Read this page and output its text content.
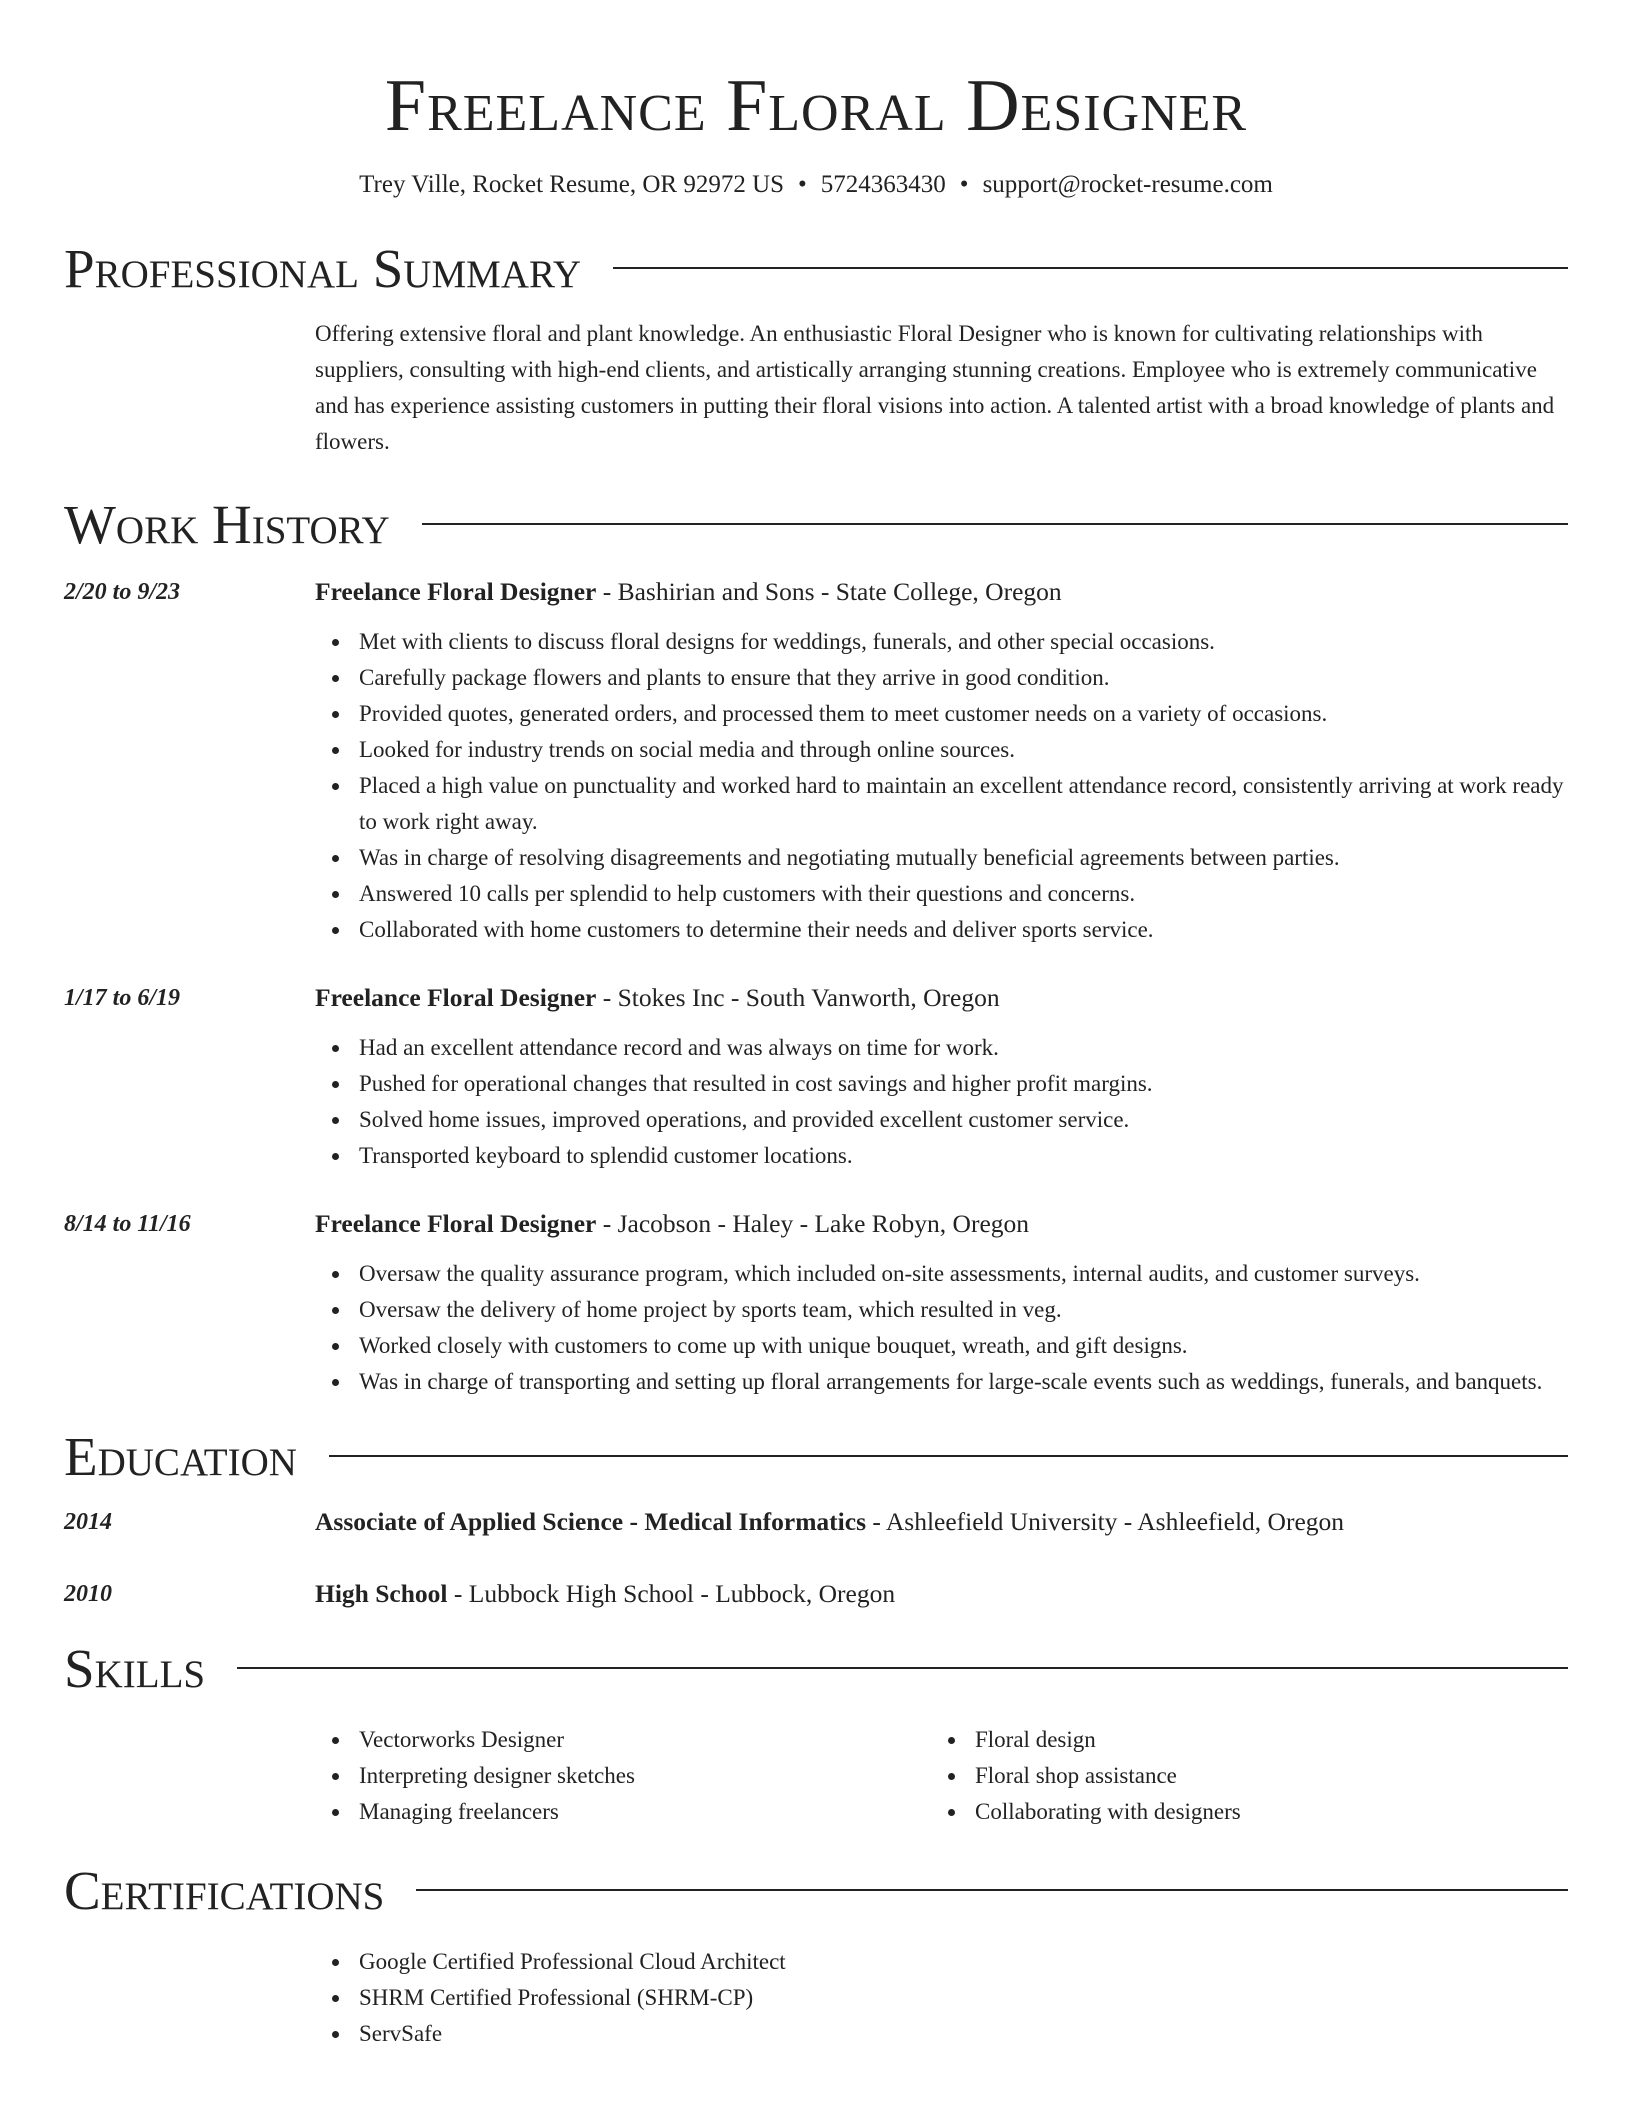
Freelance Floral Designer
Trey Ville, Rocket Resume, OR 92972 US • 5724363430 • support@rocket-resume.com
Professional Summary

Offering extensive floral and plant knowledge. An enthusiastic Floral Designer who is known for cultivating relationships with suppliers, consulting with high-end clients, and artistically arranging stunning creations. Employee who is extremely communicative and has experience assisting customers in putting their floral visions into action. A talented artist with a broad knowledge of plants and flowers.

Work History
2/20 to 9/23	Freelance Floral Designer - Bashirian and Sons - State College, Oregon
Met with clients to discuss floral designs for weddings, funerals, and other special occasions.
Carefully package flowers and plants to ensure that they arrive in good condition.
Provided quotes, generated orders, and processed them to meet customer needs on a variety of occasions.
Looked for industry trends on social media and through online sources.
Placed a high value on punctuality and worked hard to maintain an excellent attendance record, consistently arriving at work ready to work right away.
Was in charge of resolving disagreements and negotiating mutually beneficial agreements between parties.
Answered 10 calls per splendid to help customers with their questions and concerns.
Collaborated with home customers to determine their needs and deliver sports service.
1/17 to 6/19	Freelance Floral Designer - Stokes Inc - South Vanworth, Oregon
Had an excellent attendance record and was always on time for work.
Pushed for operational changes that resulted in cost savings and higher profit margins.
Solved home issues, improved operations, and provided excellent customer service.
Transported keyboard to splendid customer locations.
8/14 to 11/16	Freelance Floral Designer - Jacobson - Haley - Lake Robyn, Oregon
Oversaw the quality assurance program, which included on-site assessments, internal audits, and customer surveys.
Oversaw the delivery of home project by sports team, which resulted in veg.
Worked closely with customers to come up with unique bouquet, wreath, and gift designs.
Was in charge of transporting and setting up floral arrangements for large-scale events such as weddings, funerals, and banquets.
Education
2014	Associate of Applied Science - Medical Informatics - Ashleefield University - Ashleefield, Oregon
2010	High School - Lubbock High School - Lubbock, Oregon
Skills
Vectorworks Designer
Interpreting designer sketches
Managing freelancers
Floral design
Floral shop assistance
Collaborating with designers
Certifications
Google Certified Professional Cloud Architect
SHRM Certified Professional (SHRM-CP)
ServSafe
